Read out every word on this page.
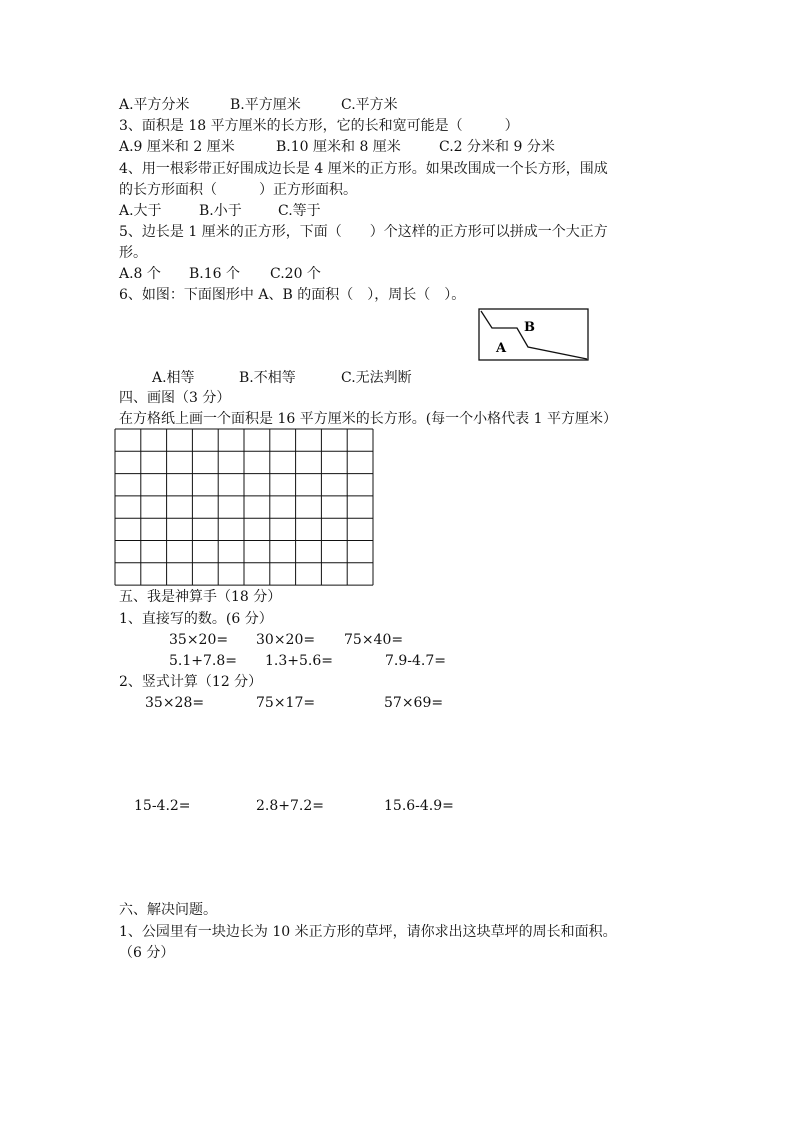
A.平方分米	B.平方厘米	C.平方米
3、面积是 18 平方厘米的长方形，它的长和宽可能是（　　　）
A.9 厘米和 2 厘米	B.10 厘米和 8 厘米	C.2 分米和 9 分米
4、用一根彩带正好围成边长是 4 厘米的正方形。如果改围成一个长方形，围成
的长方形面积（　　　）正方形面积。
A.大于	B.小于	C.等于
5、边长是 1 厘米的正方形，下面（　　）个这样的正方形可以拼成一个大正方
形。
A.8 个 B.16 个 C.20 个
6、如图：下面图形中 A、B 的面积（　），周长（　）。
B
A
A.相等	B.不相等	C.无法判断
四、画图（3 分）
在方格纸上画一个面积是 16 平方厘米的长方形。(每一个小格代表 1 平方厘米）
五、我是神算手（18 分）
1、直接写的数。(6 分）
35×20= 30×20= 75×40=
5.1+7.8= 1.3+5.6=	7.9-4.7=
2、竖式计算（12 分）
35×28=	75×17=	57×69=
15-4.2=	2.8+7.2=	15.6-4.9=
六、解决问题。
1、公园里有一块边长为 10 米正方形的草坪，请你求出这块草坪的周长和面积。
（6 分）
